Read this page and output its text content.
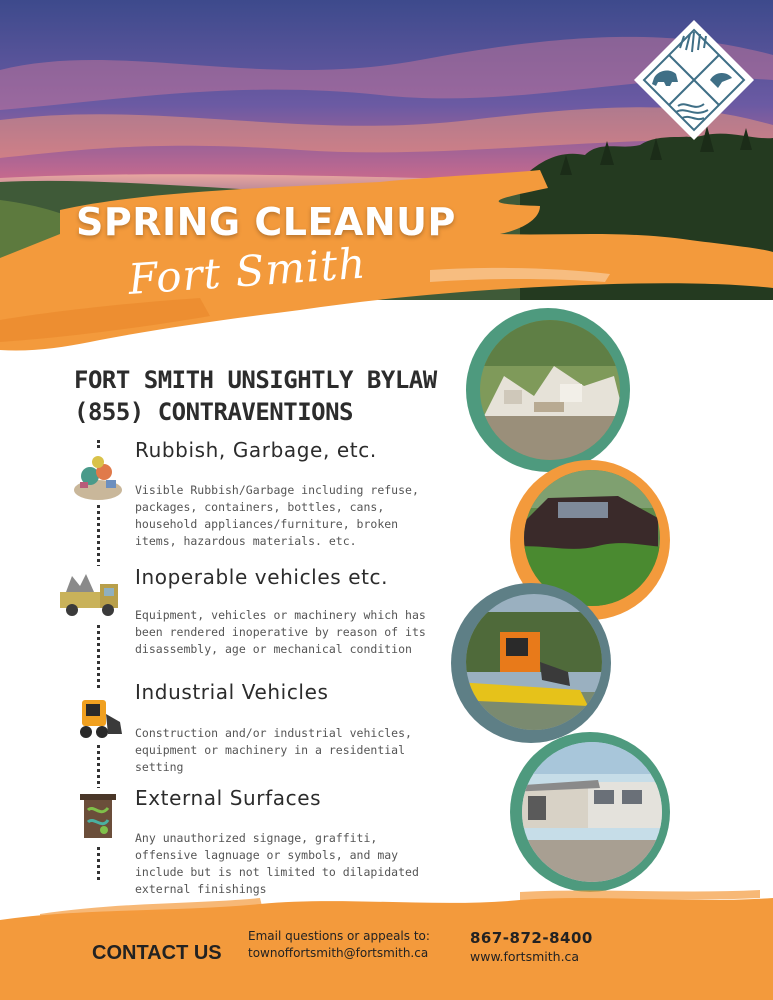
SPRING CLEANUP
Fort Smith
FORT SMITH UNSIGHTLY BYLAW
(855) CONTRAVENTIONS
Rubbish, Garbage, etc.
Visible Rubbish/Garbage including refuse, packages, containers, bottles, cans, household appliances/furniture, broken items, hazardous materials. etc.
Inoperable vehicles etc.
Equipment, vehicles or machinery which has been rendered inoperative by reason of its disassembly, age or mechanical condition
Industrial Vehicles
Construction and/or industrial vehicles, equipment or machinery in a residential setting
External Surfaces
Any unauthorized signage, graffiti, offensive lagnuage or symbols, and may include but is not limited to dilapidated external finishings
CONTACT US
Email questions or appeals to:
townoffortsmith@fortsmith.ca
867-872-8400
www.fortsmith.ca
